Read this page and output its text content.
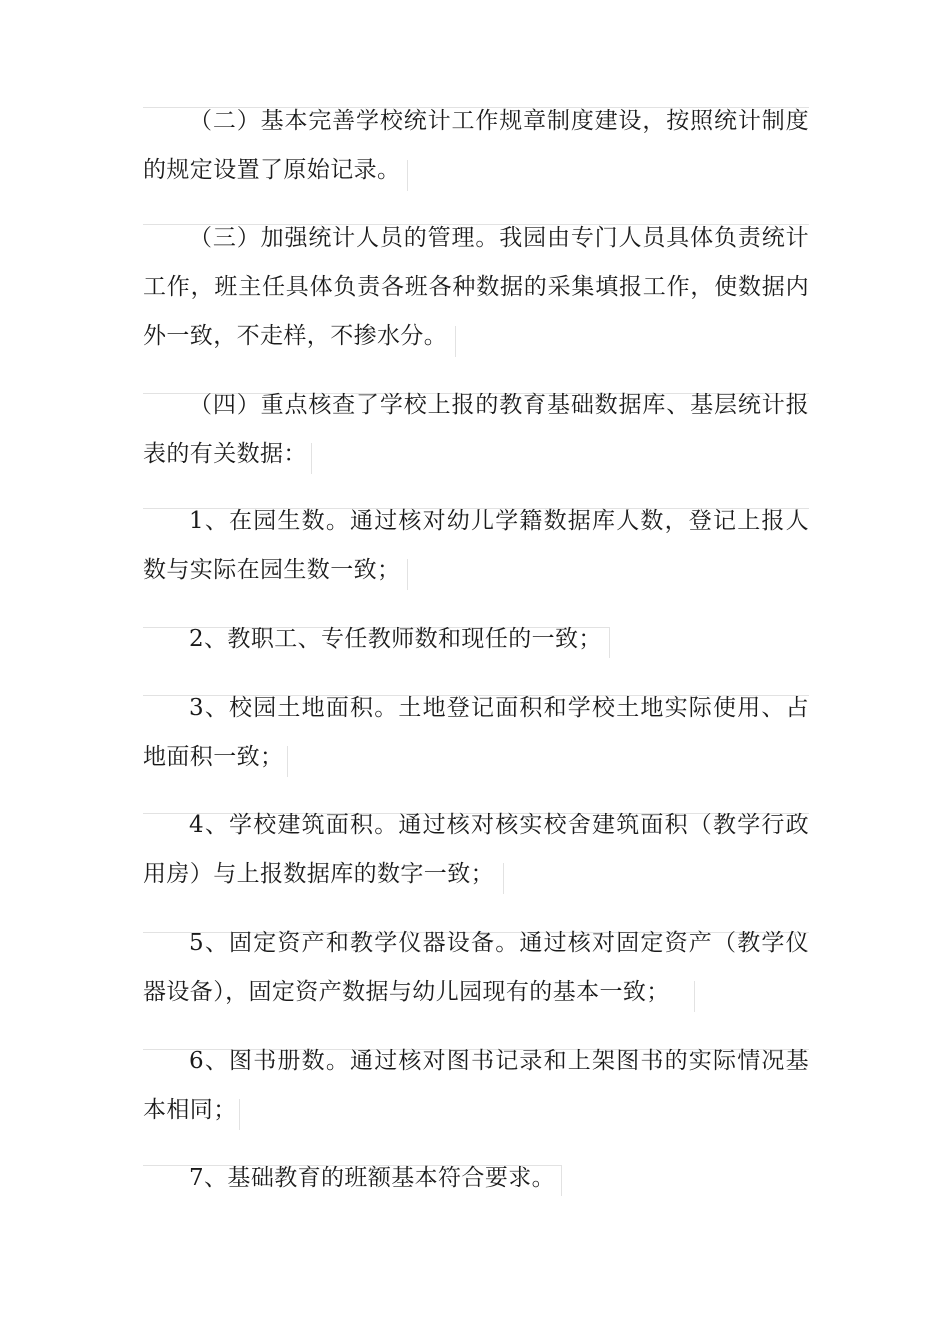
（二）基本完善学校统计工作规章制度建设，按照统计制度的规定设置了原始记录。

（三）加强统计人员的管理。我园由专门人员具体负责统计工作，班主任具体负责各班各种数据的采集填报工作，使数据内外一致，不走样，不掺水分。

（四）重点核查了学校上报的教育基础数据库、基层统计报表的有关数据：

1、在园生数。通过核对幼儿学籍数据库人数，登记上报人数与实际在园生数一致；

2、教职工、专任教师数和现任的一致；

3、校园土地面积。土地登记面积和学校土地实际使用、占地面积一致；

4、学校建筑面积。通过核对核实校舍建筑面积（教学行政用房）与上报数据库的数字一致；

5、固定资产和教学仪器设备。通过核对固定资产（教学仪器设备），固定资产数据与幼儿园现有的基本一致；

6、图书册数。通过核对图书记录和上架图书的实际情况基本相同；

7、基础教育的班额基本符合要求。
